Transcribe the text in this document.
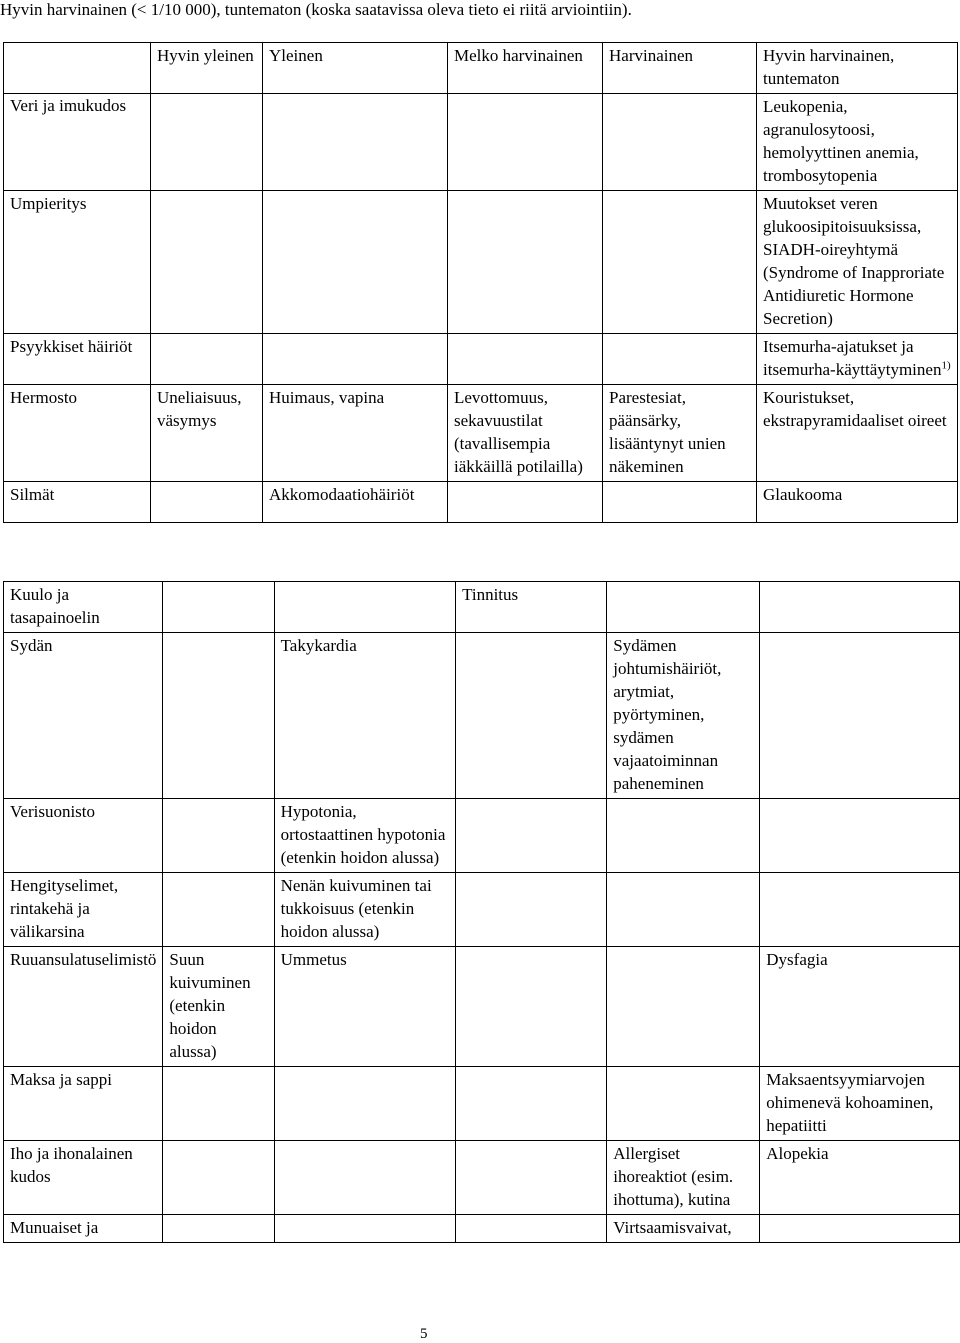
Hyvin harvinainen (< 1/10 000), tuntematon (koska saatavissa oleva tieto ei riitä arviointiin).

	Hyvin yleinen	Yleinen	Melko harvinainen	Harvinainen	Hyvin harvinainen, tuntematon

Veri ja imukudos					Leukopenia, agranulosytoosi, hemolyyttinen anemia, trombosytopenia

Umpieritys					Muutokset veren glukoosipitoisuuksissa, SIADH-oireyhtymä (Syndrome of Inapproriate Antidiuretic Hormone Secretion)

Psyykkiset häiriöt					Itsemurha-ajatukset ja itsemurha-käyttäytyminen$^{1)}$

Hermosto	Uneliaisuus, väsymys	Huimaus, vapina	Levottomuus, sekavuustilat (tavallisempia iäkkäillä potilailla)	Parestesiat, päänsärky, lisääntynyt unien näkeminen	Kouristukset, ekstrapyramidaaliset oireet

Silmät		Akkomodaatiohäiriöt			Glaukooma
Kuulo ja tasapainoelin			Tinnitus		

Sydän		Takykardia		Sydämen johtumishäiriöt, arytmiat, pyörtyminen, sydämen vajaatoiminnan paheneminen	

Verisuonisto		Hypotonia, ortostaattinen hypotonia (etenkin hoidon alussa)			

Hengityselimet, rintakehä ja välikarsina		Nenän kuivuminen tai tukkoisuus (etenkin hoidon alussa)			

Ruuansulatuselimistö	Suun kuivuminen (etenkin hoidon alussa)	Ummetus			Dysfagia

Maksa ja sappi					Maksaentsyymiarvojen ohimenevä kohoaminen, hepatiitti

Iho ja ihonalainen kudos				Allergiset ihoreaktiot (esim. ihottuma), kutina	Alopekia

Munuaiset ja				Virtsaamisvaivat,	

5
